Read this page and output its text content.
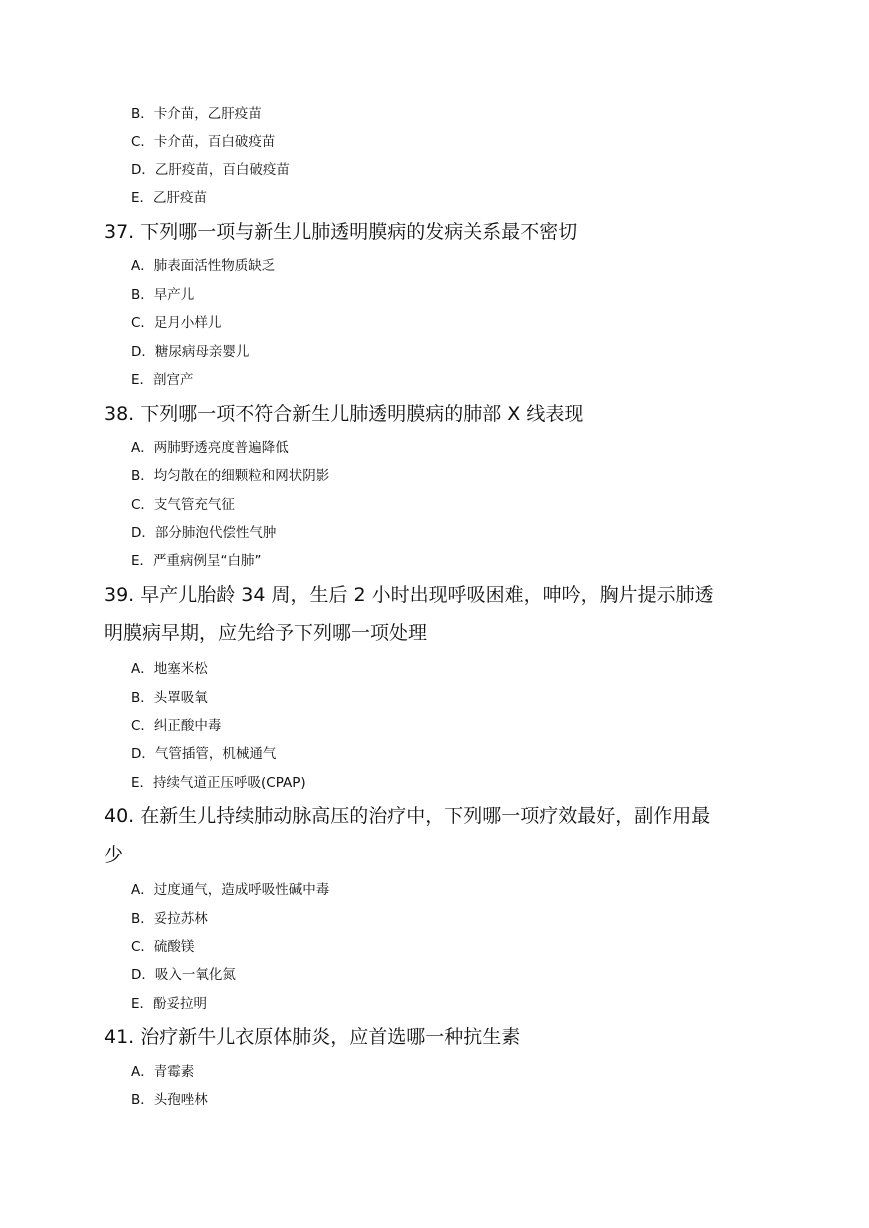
B．卡介苗，乙肝疫苗
C．卡介苗，百白破疫苗
D．乙肝疫苗，百白破疫苗
E．乙肝疫苗
37. 下列哪一项与新生儿肺透明膜病的发病关系最不密切
A．肺表面活性物质缺乏
B．早产儿
C．足月小样儿
D．糖尿病母亲婴儿
E．剖宫产
38. 下列哪一项不符合新生儿肺透明膜病的肺部 X 线表现
A．两肺野透亮度普遍降低
B．均匀散在的细颗粒和网状阴影
C．支气管充气征
D．部分肺泡代偿性气肿
E．严重病例呈“白肺”
39. 早产儿胎龄 34 周，生后 2 小时出现呼吸困难，呻吟，胸片提示肺透
明膜病早期，应先给予下列哪一项处理
A．地塞米松
B．头罩吸氧
C．纠正酸中毒
D．气管插管，机械通气
E．持续气道正压呼吸(CPAP)
40. 在新生儿持续肺动脉高压的治疗中，下列哪一项疗效最好，副作用最
少
A．过度通气，造成呼吸性碱中毒
B．妥拉苏林
C．硫酸镁
D．吸入一氧化氮
E．酚妥拉明
41. 治疗新牛儿衣原体肺炎，应首选哪一种抗生素
A．青霉素
B．头孢唑林
